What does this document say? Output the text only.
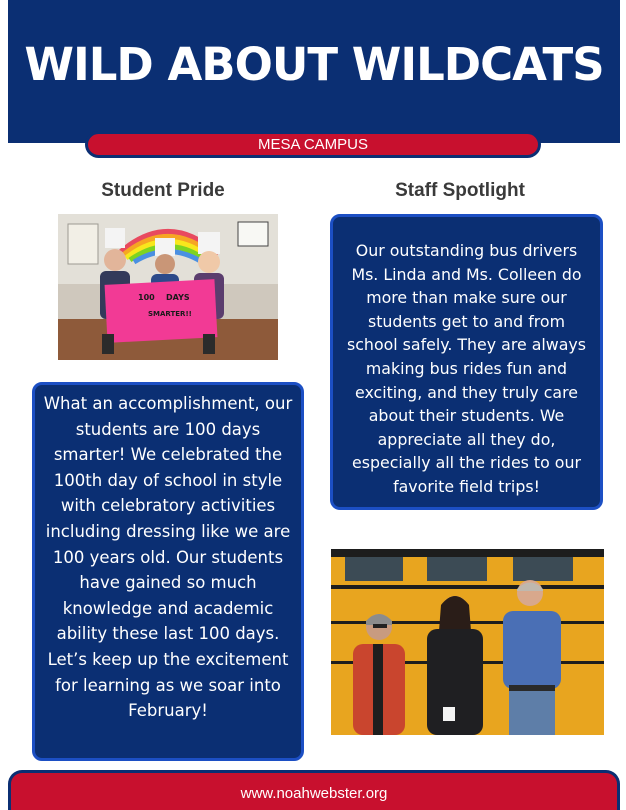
WILD ABOUT WILDCATS
MESA CAMPUS
Student Pride	Staff Spotlight
100 DAYS
SMARTER!!

What an accomplishment, our students are 100 days smarter! We celebrated the 100th day of school in style with celebratory activities including dressing like we are 100 years old. Our students have gained so much knowledge and academic ability these last 100 days. Let’s keep up the excitement for learning as we soar into February!

Our outstanding bus drivers Ms. Linda and Ms. Colleen do more than make sure our students get to and from school safely. They are always making bus rides fun and exciting, and they truly care about their students. We appreciate all they do, especially all the rides to our favorite field trips!

www.noahwebster.org
